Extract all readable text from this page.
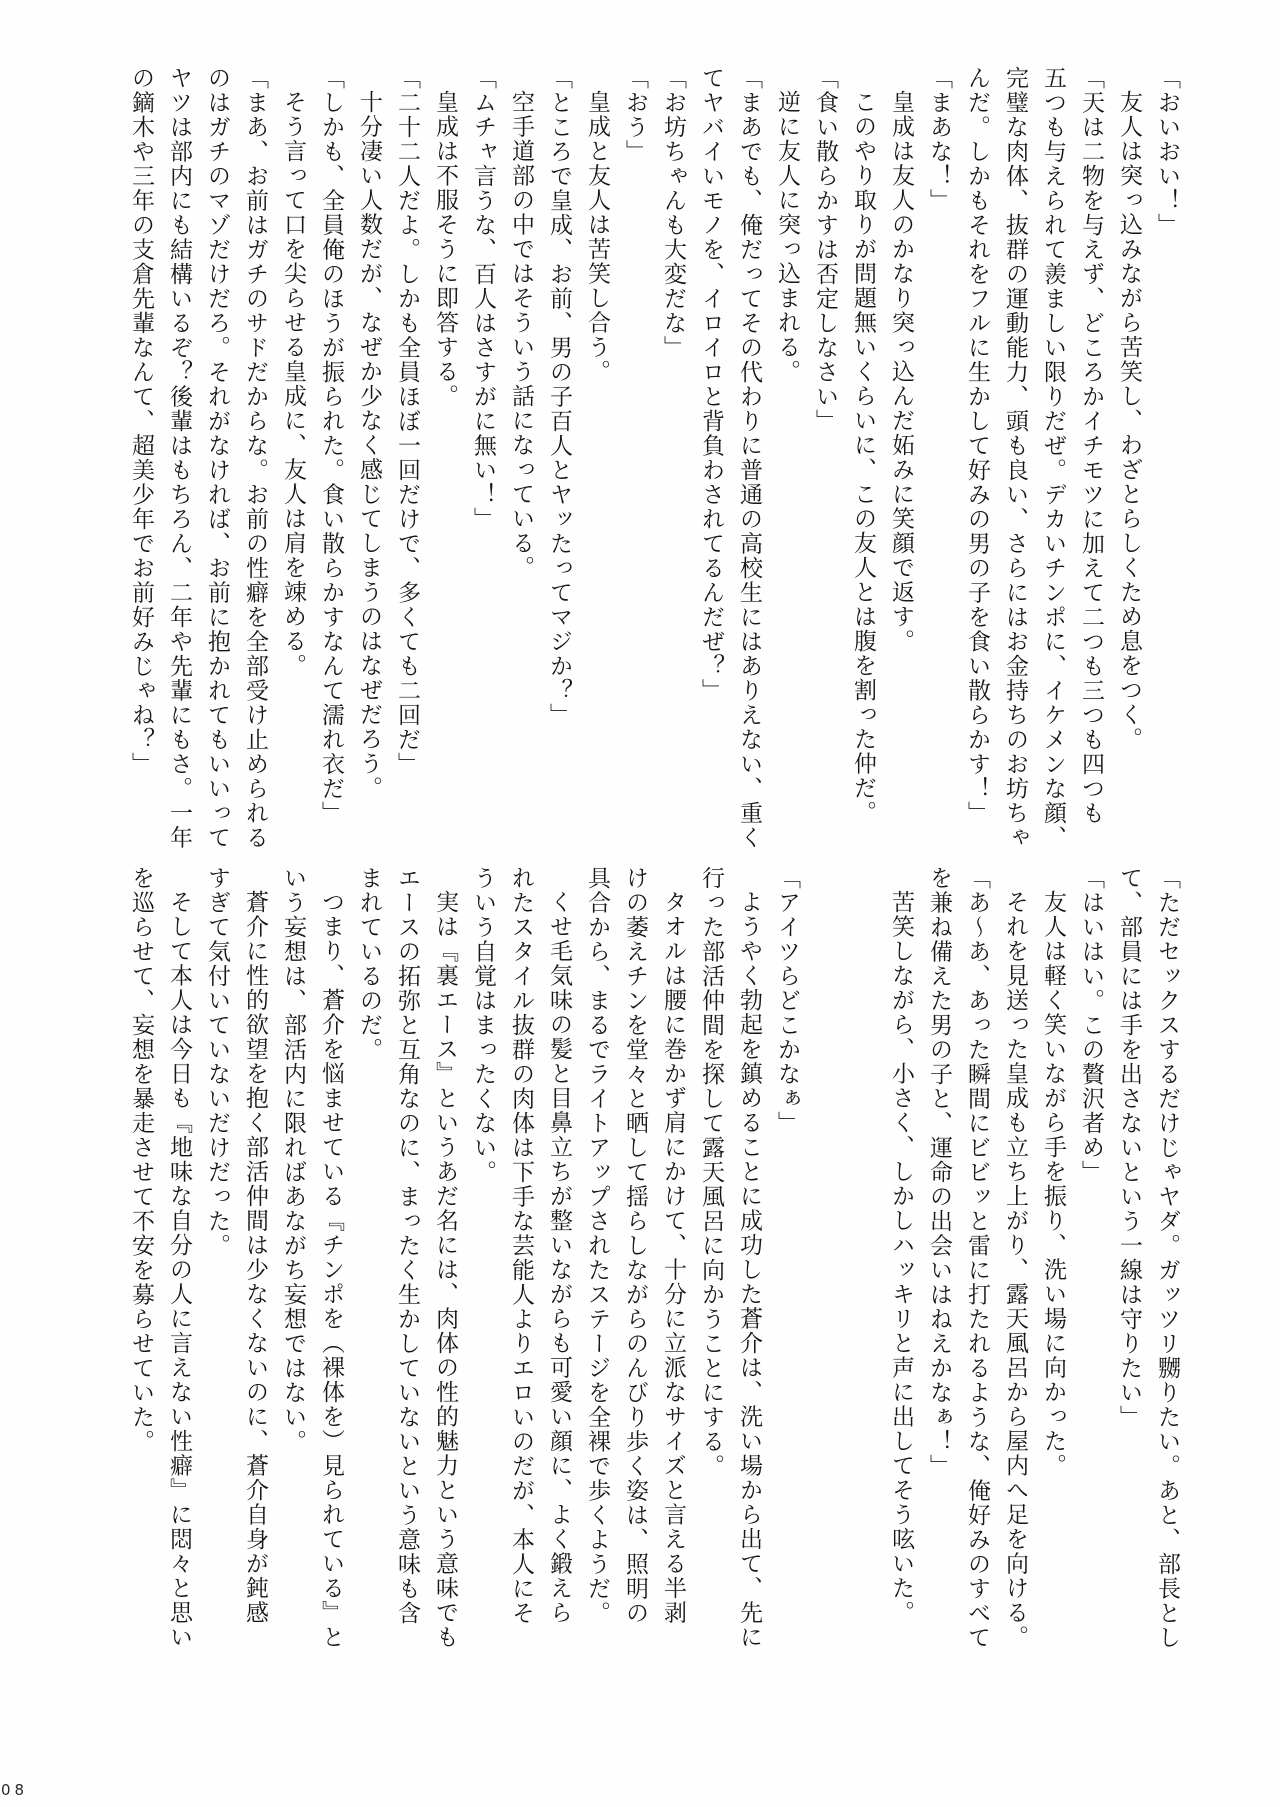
「おいおい！」
友人は突っ込みながら苦笑し、わざとらしくため息をつく。
「天は二物を与えず、どころかイチモツに加えて二つも三つも四つも
五つも与えられて羨ましい限りだぜ。デカいチンポに、イケメンな顔、
完璧な肉体、抜群の運動能力、頭も良い、さらにはお金持ちのお坊ちゃ
んだ。しかもそれをフルに生かして好みの男の子を食い散らかす！」
「まあな！」
皇成は友人のかなり突っ込んだ妬みに笑顔で返す。
このやり取りが問題無いくらいに、この友人とは腹を割った仲だ。
「食い散らかすは否定しなさい」
逆に友人に突っ込まれる。
「まあでも、俺だってその代わりに普通の高校生にはありえない、重く
てヤバイいモノを、イロイロと背負わされてるんだぜ？」
「お坊ちゃんも大変だな」
「おう」
皇成と友人は苦笑し合う。
「ところで皇成、お前、男の子百人とヤッたってマジか？」
空手道部の中ではそういう話になっている。
「ムチャ言うな、百人はさすがに無い！」
皇成は不服そうに即答する。
「二十二人だよ。しかも全員ほぼ一回だけで、多くても二回だ」
十分凄い人数だが、なぜか少なく感じてしまうのはなぜだろう。
「しかも、全員俺のほうが振られた。食い散らかすなんて濡れ衣だ」
そう言って口を尖らせる皇成に、友人は肩を竦める。
「まあ、お前はガチのサドだからな。お前の性癖を全部受け止められる
のはガチのマゾだけだろ。それがなければ、お前に抱かれてもいいって
ヤツは部内にも結構いるぞ？後輩はもちろん、二年や先輩にもさ。一年
の鏑木や三年の支倉先輩なんて、超美少年でお前好みじゃね？」
「ただセックスするだけじゃヤダ。ガッツリ嬲りたい。あと、部長とし
て、部員には手を出さないという一線は守りたい」
「はいはい。この贅沢者め」
友人は軽く笑いながら手を振り、洗い場に向かった。
それを見送った皇成も立ち上がり、露天風呂から屋内へ足を向ける。
「あ〜あ、あった瞬間にビビッと雷に打たれるような、俺好みのすべて
を兼ね備えた男の子と、運命の出会いはねえかなぁ！」
苦笑しながら、小さく、しかしハッキリと声に出してそう呟いた。
「アイツらどこかなぁ」
ようやく勃起を鎮めることに成功した蒼介は、洗い場から出て、先に
行った部活仲間を探して露天風呂に向かうことにする。
タオルは腰に巻かず肩にかけて、十分に立派なサイズと言える半剥
けの萎えチンを堂々と晒して揺らしながらのんびり歩く姿は、照明の
具合から、まるでライトアップされたステージを全裸で歩くようだ。
くせ毛気味の髪と目鼻立ちが整いながらも可愛い顔に、よく鍛えら
れたスタイル抜群の肉体は下手な芸能人よりエロいのだが、本人にそ
ういう自覚はまったくない。
実は『裏エース』というあだ名には、肉体の性的魅力という意味でも
エースの拓弥と互角なのに、まったく生かしていないという意味も含
まれているのだ。
つまり、蒼介を悩ませている『チンポを（裸体を）見られている』と
いう妄想は、部活内に限ればあながち妄想ではない。
蒼介に性的欲望を抱く部活仲間は少なくないのに、蒼介自身が鈍感
すぎて気付いていないだけだった。
そして本人は今日も『地味な自分の人に言えない性癖』に悶々と思い
を巡らせて、妄想を暴走させて不安を募らせていた。
08
